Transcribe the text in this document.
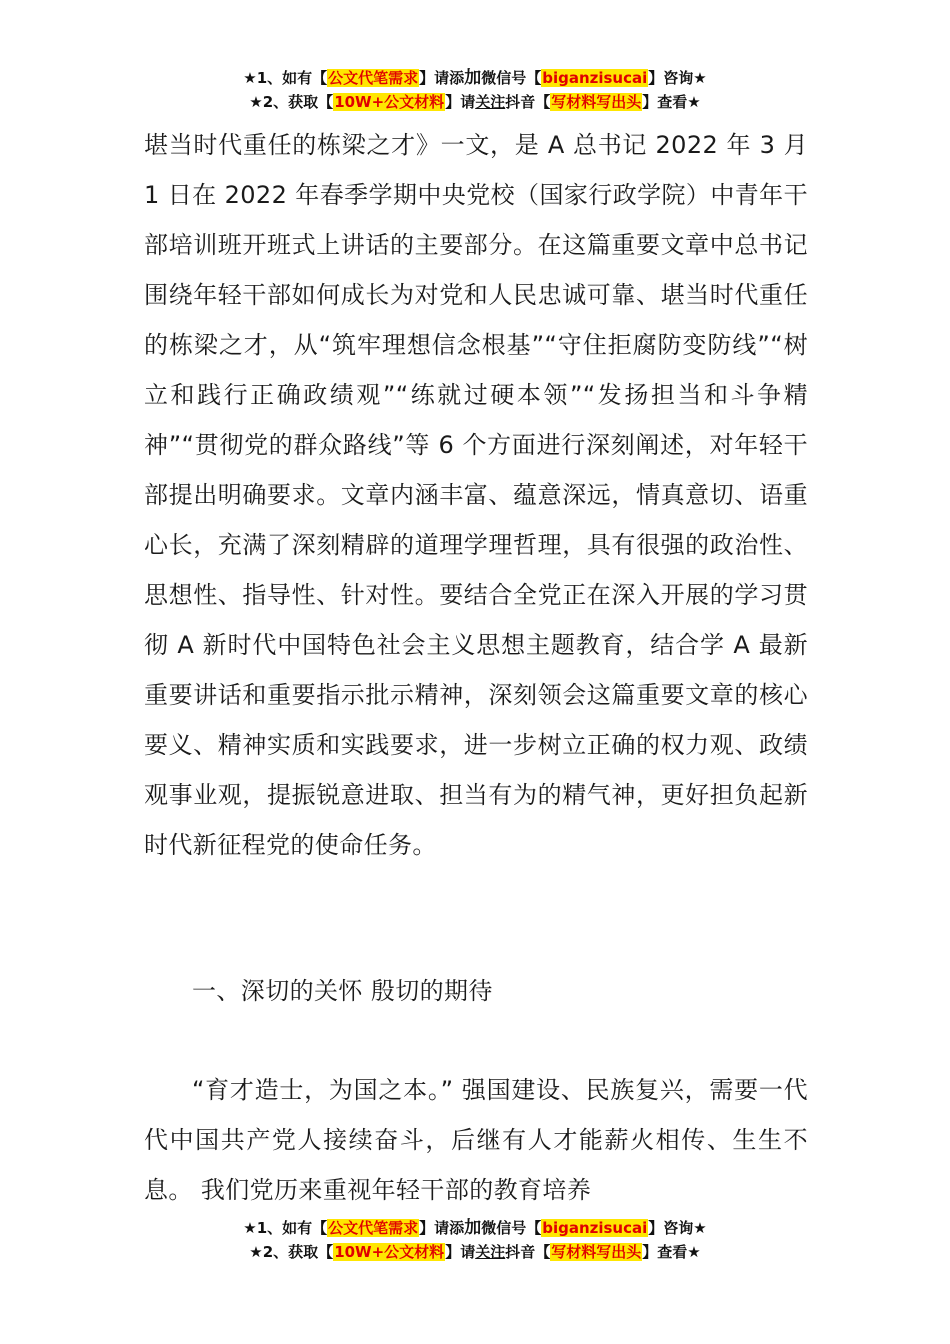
★1、如有【公文代笔需求】请添加微信号【biganzisucai】咨询★
★2、获取【10W+公文材料】请关注抖音【写材料写出头】查看★

堪当时代重任的栋梁之才》一文，是 A 总书记 2022 年 3 月 1 日在 2022 年春季学期中央党校（国家行政学院）中青年干部培训班开班式上讲话的主要部分。在这篇重要文章中总书记围绕年轻干部如何成长为对党和人民忠诚可靠、堪当时代重任的栋梁之才，从“筑牢理想信念根基”“守住拒腐防变防线”“树立和践行正确政绩观”“练就过硬本领”“发扬担当和斗争精神”“贯彻党的群众路线”等 6 个方面进行深刻阐述，对年轻干部提出明确要求。文章内涵丰富、蕴意深远，情真意切、语重心长，充满了深刻精辟的道理学理哲理，具有很强的政治性、思想性、指导性、针对性。要结合全党正在深入开展的学习贯彻 A 新时代中国特色社会主义思想主题教育，结合学 A 最新重要讲话和重要指示批示精神，深刻领会这篇重要文章的核心要义、精神实质和实践要求，进一步树立正确的权力观、政绩观事业观，提振锐意进取、担当有为的精气神，更好担负起新时代新征程党的使命任务。

一、深切的关怀 殷切的期待

“育才造士，为国之本。” 强国建设、民族复兴，需要一代代中国共产党人接续奋斗，后继有人才能薪火相传、生生不息。 我们党历来重视年轻干部的教育培养

★1、如有【公文代笔需求】请添加微信号【biganzisucai】咨询★
★2、获取【10W+公文材料】请关注抖音【写材料写出头】查看★
